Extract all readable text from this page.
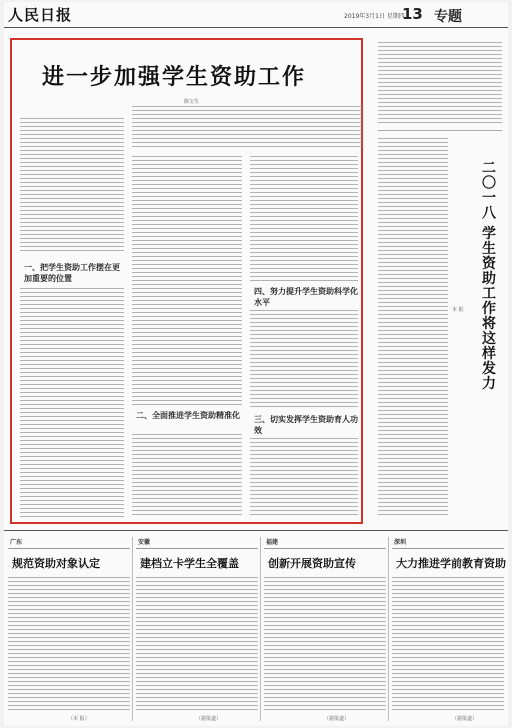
人民日报	2019年3月1日 星期四
13 专题
进一步加强学生资助工作
陈宝生
一、把学生资助工作摆在更加重要的位置
二、全面推进学生资助精准化
四、努力提升学生资助科学化水平
三、切实发挥学生资助育人功效
二〇一八 学生资助工作将这样发力
本 报
广东
规范资助对象认定
（本 报）
安徽
建档立卡学生全覆盖
（据报道）
福建
创新开展资助宣传
（据报道）
深圳
大力推进学前教育资助
（据报道）
